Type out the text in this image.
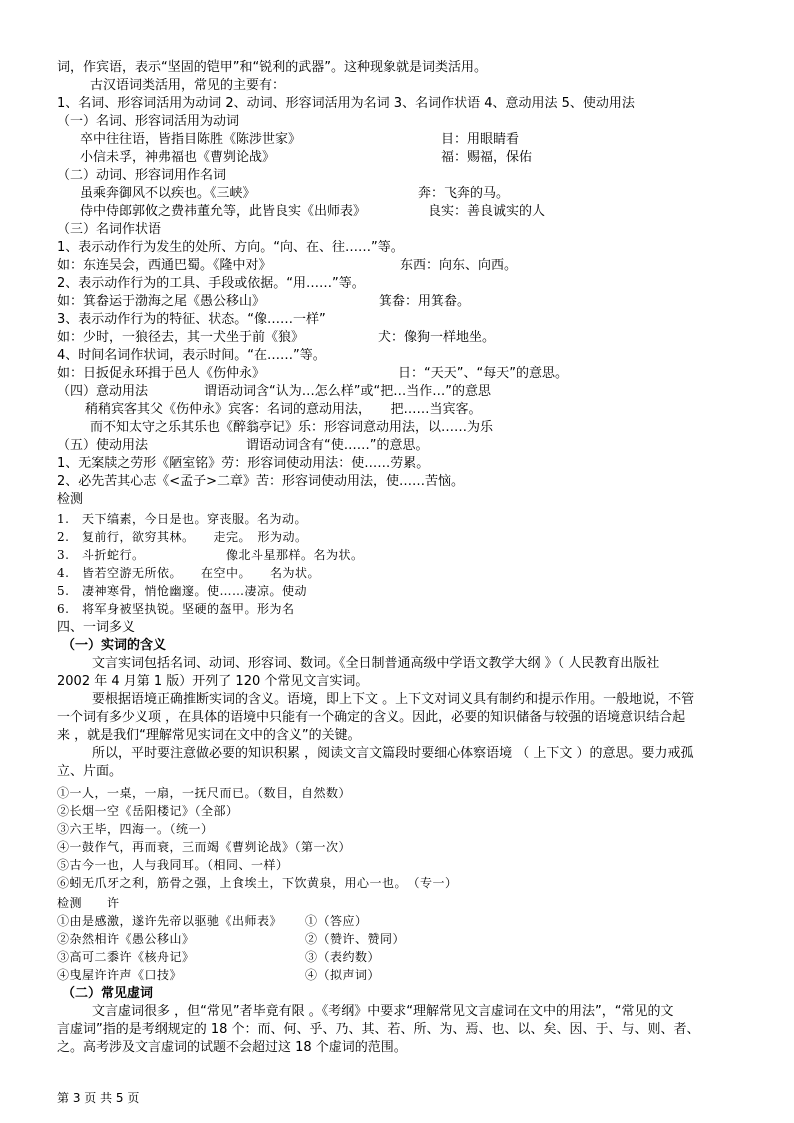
词，作宾语，表示“坚固的铠甲”和“锐利的武器”。这种现象就是词类活用。
古汉语词类活用，常见的主要有：
1、名词、形容词活用为动词 2、动词、形容词活用为名词 3、名词作状语 4、意动用法 5、使动用法
（一）名词、形容词活用为动词
卒中往往语，皆指目陈胜《陈涉世家》	目：用眼睛看
小信未孚，神弗福也《曹刿论战》	福：赐福，保佑
（二）动词、形容词用作名词
虽乘奔御风不以疾也。《三峡》	奔：飞奔的马。
侍中侍郎郭攸之费祎董允等，此皆良实《出师表》	良实：善良诚实的人
（三）名词作状语
1、表示动作行为发生的处所、方向。“向、在、往……”等。
如：东连吴会，西通巴蜀。《隆中对》	东西：向东、向西。
2、表示动作行为的工具、手段或依据。“用……”等。
如：箕畚运于渤海之尾《愚公移山》	箕畚：用箕畚。
3、表示动作行为的特征、状态。“像……一样”
如：少时，一狼径去，其一犬坐于前《狼》	犬：像狗一样地坐。
4、时间名词作状词，表示时间。“在……”等。
如：日扳促永环揖于邑人《伤仲永》	日：“天天”、“每天”的意思。
（四）意动用法	谓语动词含“认为…怎么样”或“把…当作…”的意思
稍稍宾客其父《伤仲永》宾客：名词的意动用法，　　把……当宾客。
而不知太守之乐其乐也《醉翁亭记》乐：形容词意动用法，以……为乐
（五）使动用法	谓语动词含有“使……”的意思。
1、无案牍之劳形《陋室铭》劳：形容词使动用法：使……劳累。
2、必先苦其心志《<孟子>二章》苦：形容词使动用法，使……苦恼。
检测
1.　天下缟素，今日是也。穿丧服。名为动。
2.　复前行，欲穷其林。　　走完。　形为动。
3.　斗折蛇行。　　　　　　　像北斗星那样。名为状。
4.　皆若空游无所依。　　在空中。　　名为状。
5.　凄神寒骨，悄怆幽邃。使……凄凉。使动
6.　将军身被坚执锐。坚硬的盔甲。形为名
四、一词多义
（一）实词的含义
文言实词包括名词、动词、形容词、数词。《全日制普通高级中学语文教学大纲 》（ 人民教育出版社
2002 年 4 月第 1 版）开列了 120 个常见文言实词。
要根据语境正确推断实词的含义。语境，即上下文 。上下文对词义具有制约和提示作用。一般地说，不管
一个词有多少义项 ，在具体的语境中只能有一个确定的含义。因此，必要的知识储备与较强的语境意识结合起
来 ，就是我们“理解常见实词在文中的含义”的关键。
所以，平时要注意做必要的知识积累 ，阅读文言文篇段时要细心体察语境 （ 上下文 ）的意思。要力戒孤
立、片面。
①一人，一桌，一扇，一抚尺而已。（数目，自然数）
②长烟一空《岳阳楼记》（全部）
③六王毕，四海一。（统一）
④一鼓作气，再而衰，三而竭《曹刿论战》（第一次）
⑤古今一也，人与我同耳。（相同、一样）
⑥蚓无爪牙之利，筋骨之强，上食埃土，下饮黄泉，用心一也。　（专一）
检测　　许
①由是感激，遂许先帝以驱驰《出师表》 ①（答应）
②杂然相许《愚公移山》	②（赞许、赞同）
③高可二黍许《核舟记》	③（表约数）
④曳屋许许声《口技》	④（拟声词）
（二）常见虚词
文言虚词很多 ，但“常见”者毕竟有限 。《考纲》中要求“理解常见文言虚词在文中的用法”，“常见的文
言虚词”指的是考纲规定的 18 个：而、何、乎、乃、其、若、所、为、焉、也、以、矣、因、于、与、则、者、
之。高考涉及文言虚词的试题不会超过这 18 个虚词的范围。
第 3 页 共 5 页
